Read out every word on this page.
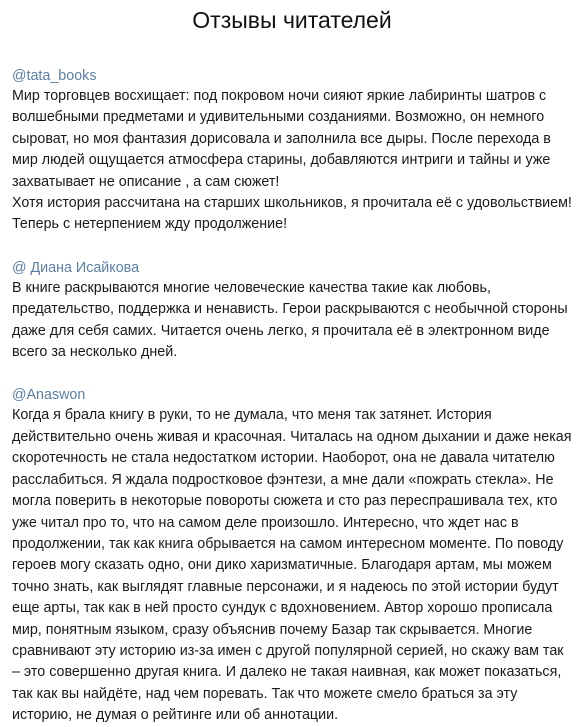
Отзывы читателей
@tata_books

Мир торговцев восхищает: под покровом ночи сияют яркие лабиринты шатров с волшебными предметами и удивительными созданиями. Возможно, он немного сыроват, но моя фантазия дорисовала и заполнила все дыры. После перехода в мир людей ощущается атмосфера старины, добавляются интриги и тайны и уже захватывает не описание , а сам сюжет!

Хотя история рассчитана на старших школьников, я прочитала её с удовольствием! Теперь с нетерпением жду продолжение!

@ Диана Исайкова

В книге раскрываются многие человеческие качества такие как любовь, предательство, поддержка и ненависть. Герои раскрываются с необычной стороны даже для себя самих. Читается очень легко, я прочитала её в электронном виде всего за несколько дней.

@Anaswon

Когда я брала книгу в руки, то не думала, что меня так затянет. История действительно очень живая и красочная. Читалась на одном дыхании и даже некая скоротечность не стала недостатком истории. Наоборот, она не давала читателю расслабиться. Я ждала подростковое фэнтези, а мне дали «пожрать стекла». Не могла поверить в некоторые повороты сюжета и сто раз переспрашивала тех, кто уже читал про то, что на самом деле произошло. Интересно, что ждет нас в продолжении, так как книга обрывается на самом интересном моменте. По поводу героев могу сказать одно, они дико харизматичные. Благодаря артам, мы можем точно знать, как выглядят главные персонажи, и я надеюсь по этой истории будут еще арты, так как в ней просто сундук с вдохновением. Автор хорошо прописала мир, понятным языком, сразу объяснив почему Базар так скрывается. Многие сравнивают эту историю из-за имен с другой популярной серией, но скажу вам так – это совершенно другая книга. И далеко не такая наивная, как может показаться, так как вы найдёте, над чем поревать. Так что можете смело браться за эту историю, не думая о рейтинге или об аннотации.
